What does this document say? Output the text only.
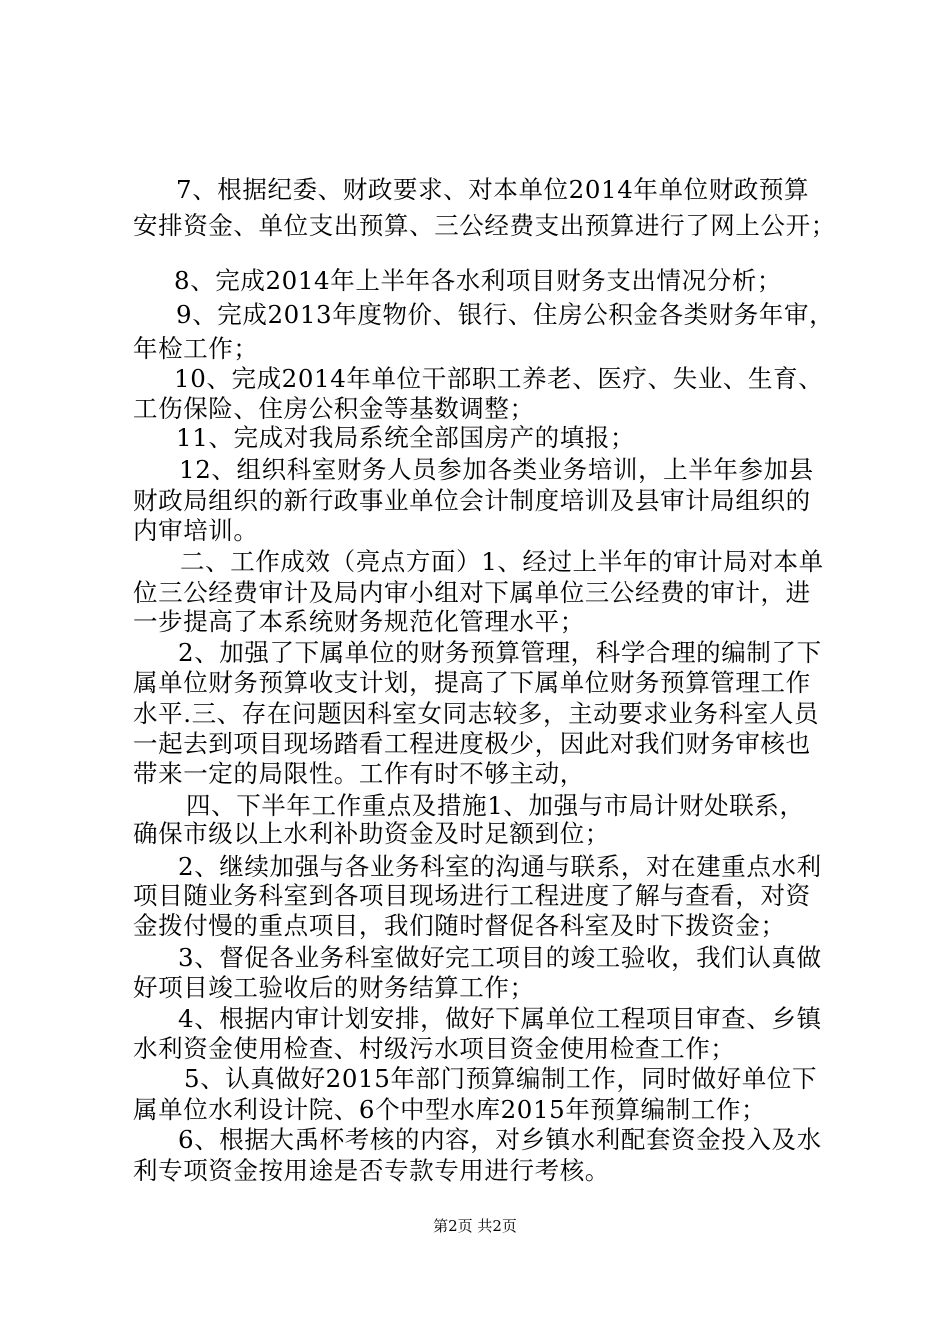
7、根据纪委、财政要求、对本单位2014年单位财政预算
安排资金、单位支出预算、三公经费支出预算进行了网上公开；
8、完成2014年上半年各水利项目财务支出情况分析；
9、完成2013年度物价、银行、住房公积金各类财务年审，
年检工作；
10、完成2014年单位干部职工养老、医疗、失业、生育、
工伤保险、住房公积金等基数调整；
11、完成对我局系统全部国房产的填报；
12、组织科室财务人员参加各类业务培训，上半年参加县
财政局组织的新行政事业单位会计制度培训及县审计局组织的
内审培训。
二、工作成效（亮点方面）1、经过上半年的审计局对本单
位三公经费审计及局内审小组对下属单位三公经费的审计，进
一步提高了本系统财务规范化管理水平；
2、加强了下属单位的财务预算管理，科学合理的编制了下
属单位财务预算收支计划，提高了下属单位财务预算管理工作
水平.三、存在问题因科室女同志较多，主动要求业务科室人员
一起去到项目现场踏看工程进度极少，因此对我们财务审核也
带来一定的局限性。工作有时不够主动，
四、下半年工作重点及措施1、加强与市局计财处联系，
确保市级以上水利补助资金及时足额到位；
2、继续加强与各业务科室的沟通与联系，对在建重点水利
项目随业务科室到各项目现场进行工程进度了解与查看，对资
金拨付慢的重点项目，我们随时督促各科室及时下拨资金；
3、督促各业务科室做好完工项目的竣工验收，我们认真做
好项目竣工验收后的财务结算工作；
4、根据内审计划安排，做好下属单位工程项目审查、乡镇
水利资金使用检查、村级污水项目资金使用检查工作；
5、认真做好2015年部门预算编制工作，同时做好单位下
属单位水利设计院、6个中型水库2015年预算编制工作；
6、根据大禹杯考核的内容，对乡镇水利配套资金投入及水
利专项资金按用途是否专款专用进行考核。
第2页 共2页
